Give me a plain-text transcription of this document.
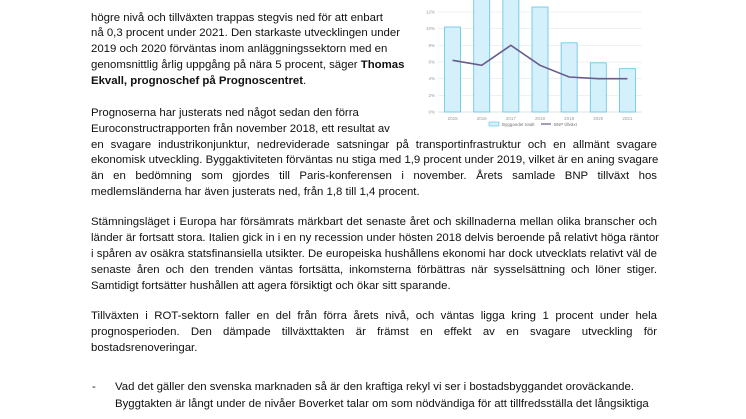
högre nivå och tillväxten trappas stegvis ned för att enbart
nå 0,3 procent under 2021. Den starkaste utvecklingen under
2019 och 2020 förväntas inom anläggningssektorn med en
genomsnittlig årlig uppgång på nära 5 procent, säger Thomas
Ekvall, prognoschef på Prognoscentret.
0%
2%
4%
6%
8%
10%
12%
2015	2016	2017	2018	2019	2020	2021
Byggandet totalt	BNP tillväxt
Prognoserna har justerats ned något sedan den förra
Euroconstructrapporten från november 2018, ett resultat av
en svagare industrikonjunktur, nedreviderade satsningar på transportinfrastruktur och en allmänt svagare
ekonomisk utveckling. Byggaktiviteten förväntas nu stiga med 1,9 procent under 2019, vilket är en aning svagare
än en bedömning som gjordes till Paris-konferensen i november. Årets samlade BNP tillväxt hos
medlemsländerna har även justerats ned, från 1,8 till 1,4 procent.
Stämningsläget i Europa har försämrats märkbart det senaste året och skillnaderna mellan olika branscher och
länder är fortsatt stora. Italien gick in i en ny recession under hösten 2018 delvis beroende på relativt höga räntor
i spåren av osäkra statsfinansiella utsikter. De europeiska hushållens ekonomi har dock utvecklats relativt väl de
senaste åren och den trenden väntas fortsätta, inkomsterna förbättras när sysselsättning och löner stiger.
Samtidigt fortsätter hushållen att agera försiktigt och ökar sitt sparande.
Tillväxten i ROT-sektorn faller en del från förra årets nivå, och väntas ligga kring 1 procent under hela
prognosperioden. Den dämpade tillväxttakten är främst en effekt av en svagare utveckling för
bostadsrenoveringar.
- Vad det gäller den svenska marknaden så är den kraftiga rekyl vi ser i bostadsbyggandet oroväckande.
Byggtakten är långt under de nivåer Boverket talar om som nödvändiga för att tillfredsställa det långsiktiga
